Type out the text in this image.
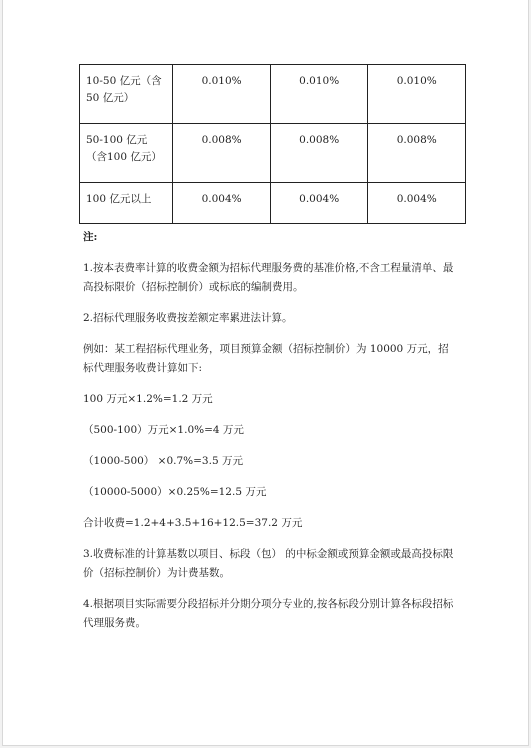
10-50 亿元（含50 亿元）	0.010%	0.010%	0.010%
50-100 亿元（含100 亿元）	0.008%	0.008%	0.008%
100 亿元以上	0.004%	0.004%	0.004%

注:

1.按本表费率计算的收费金额为招标代理服务费的基准价格,不含工程量清单、最高投标限价（招标控制价）或标底的编制费用。

2.招标代理服务收费按差额定率累进法计算。

例如：某工程招标代理业务，项目预算金额（招标控制价）为 10000 万元，招标代理服务收费计算如下:

100 万元×1.2%=1.2 万元

（500-100）万元×1.0%=4 万元

（1000-500） ×0.7%=3.5 万元

（10000-5000）×0.25%=12.5 万元

合计收费=1.2+4+3.5+16+12.5=37.2 万元

3.收费标准的计算基数以项目、标段（包） 的中标金额或预算金额或最高投标限价（招标控制价）为计费基数。

4.根据项目实际需要分段招标并分期分项分专业的,按各标段分别计算各标段招标代理服务费。
